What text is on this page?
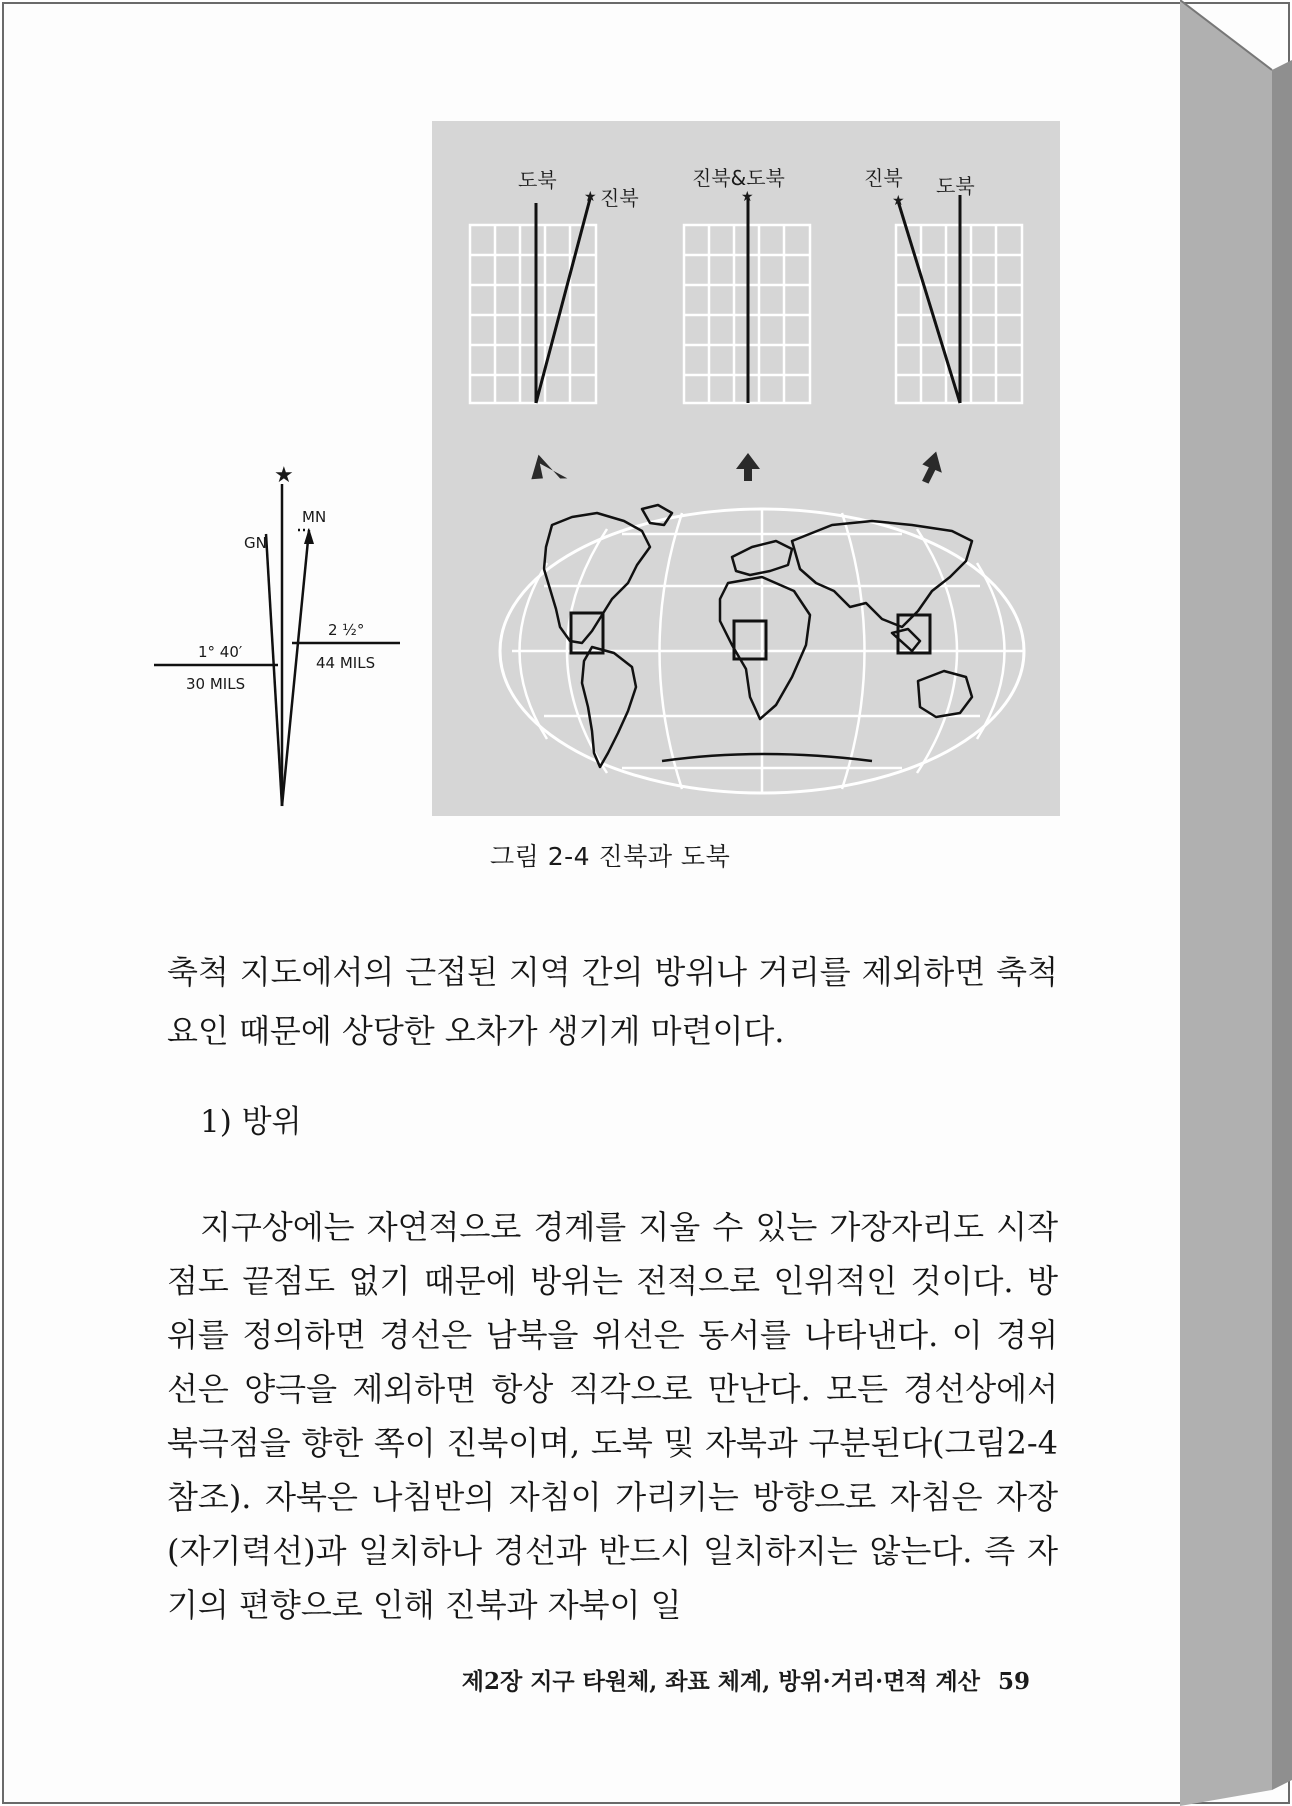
★	★	★
도북
진북
진북&도북	진북 도북
★
GN
MN
1° 40′
30 MILS
2 ½°
44 MILS
그림 2-4 진북과 도북

축척 지도에서의 근접된 지역 간의 방위나 거리를 제외하면 축척 요인 때문에 상당한 오차가 생기게 마련이다.

1) 방위

지구상에는 자연적으로 경계를 지울 수 있는 가장자리도 시작점도 끝점도 없기 때문에 방위는 전적으로 인위적인 것이다. 방위를 정의하면 경선은 남북을 위선은 동서를 나타낸다. 이 경위선은 양극을 제외하면 항상 직각으로 만난다. 모든 경선상에서 북극점을 향한 쪽이 진북이며, 도북 및 자북과 구분된다(그림2-4 참조). 자북은 나침반의 자침이 가리키는 방향으로 자침은 자장(자기력선)과 일치하나 경선과 반드시 일치하지는 않는다. 즉 자기의 편향으로 인해 진북과 자북이 일

제2장 지구 타원체, 좌표 체계, 방위·거리·면적 계산 59
